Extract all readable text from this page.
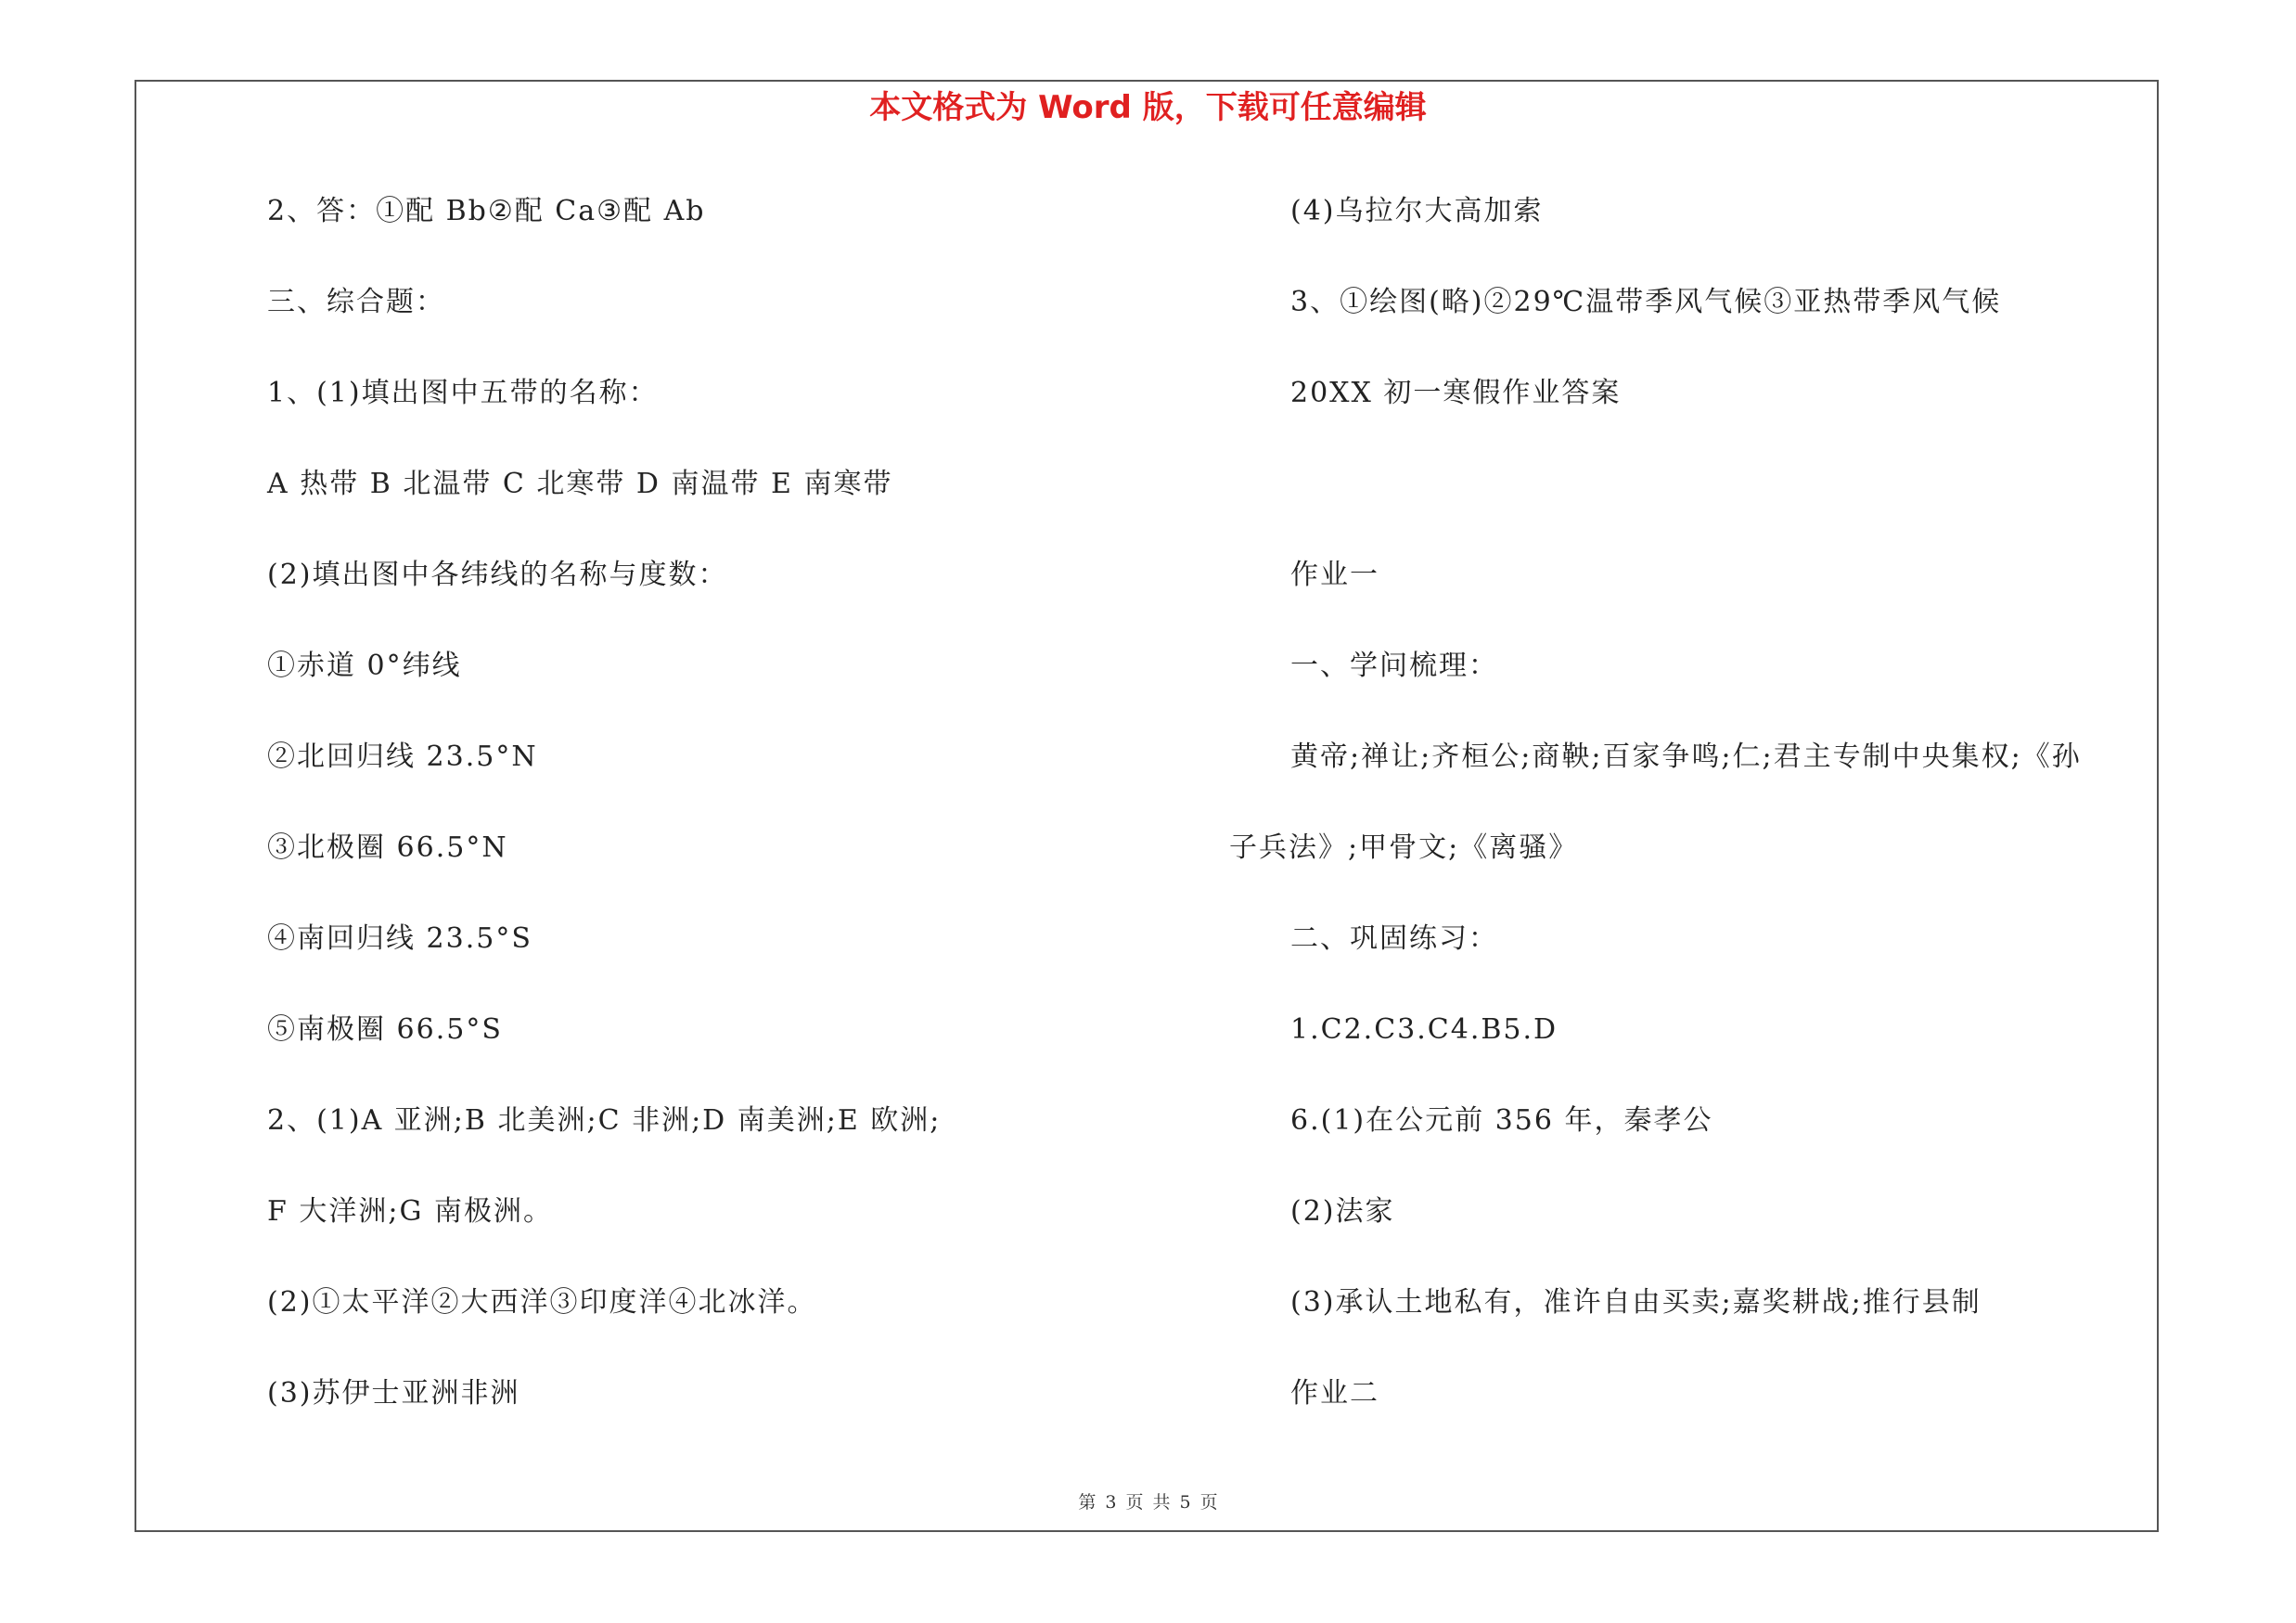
本文格式为 Word 版，下载可任意编辑
2、答：①配 Bb②配 Ca③配 Ab
三、综合题：
1、(1)填出图中五带的名称：
A 热带 B 北温带 C 北寒带 D 南温带 E 南寒带
(2)填出图中各纬线的名称与度数：
①赤道 0°纬线
②北回归线 23.5°N
③北极圈 66.5°N
④南回归线 23.5°S
⑤南极圈 66.5°S
2、(1)A 亚洲;B 北美洲;C 非洲;D 南美洲;E 欧洲;
F 大洋洲;G 南极洲。
(2)①太平洋②大西洋③印度洋④北冰洋。
(3)苏伊士亚洲非洲
(4)乌拉尔大高加索
3、①绘图(略)②29℃温带季风气候③亚热带季风气候
20XX 初一寒假作业答案
作业一
一、学问梳理：
黄帝;禅让;齐桓公;商鞅;百家争鸣;仁;君主专制中央集权;《孙
子兵法》;甲骨文;《离骚》
二、巩固练习：
1.C2.C3.C4.B5.D
6.(1)在公元前 356 年，秦孝公
(2)法家
(3)承认土地私有，准许自由买卖;嘉奖耕战;推行县制
作业二
第 3 页 共 5 页
